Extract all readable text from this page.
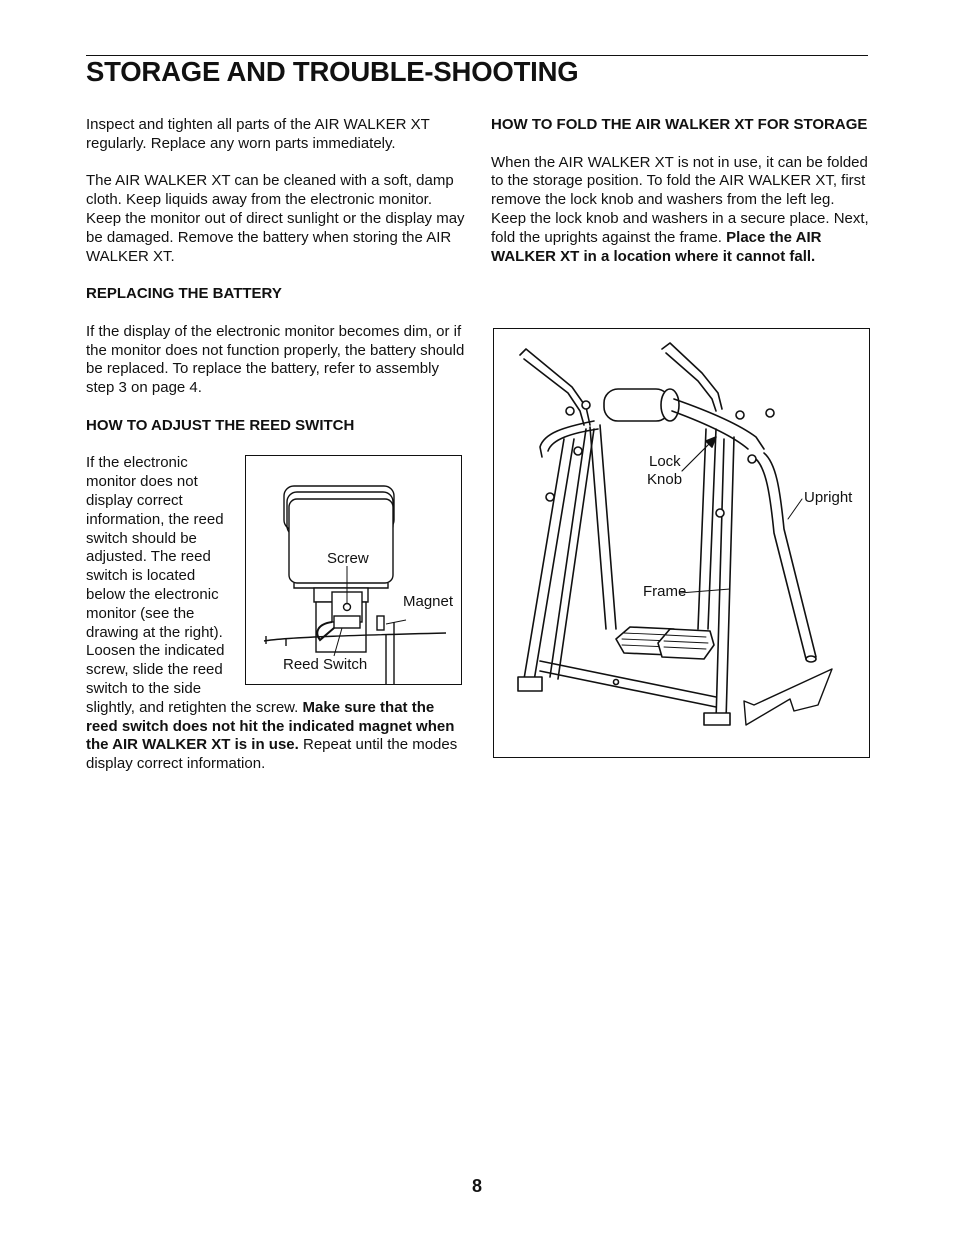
STORAGE AND TROUBLE-SHOOTING

Inspect and tighten all parts of the AIR WALKER XT regularly. Replace any worn parts immediately.

The AIR WALKER XT can be cleaned with a soft, damp cloth. Keep liquids away from the electronic monitor. Keep the monitor out of direct sunlight or the display may be damaged. Remove the battery when storing the AIR WALKER XT.

REPLACING THE BATTERY

If the display of the electronic monitor becomes dim, or if the monitor does not function properly, the battery should be replaced. To replace the battery, refer to assembly step 3 on page 4.

HOW TO ADJUST THE REED SWITCH

Screw
Magnet
Reed Switch
If the electronic monitor does not display correct information, the reed switch should be adjusted. The reed switch is located below the electronic monitor (see the drawing at the right). Loosen the indicated screw, slide the reed switch to the side slightly, and retighten the screw. Make sure that the reed switch does not hit the indicated magnet when the AIR WALKER XT is in use. Repeat until the modes display correct information.

HOW TO FOLD THE AIR WALKER XT FOR STORAGE

When the AIR WALKER XT is not in use, it can be folded to the storage position. To fold the AIR WALKER XT, first remove the lock knob and washers from the left leg. Keep the lock knob and washers in a secure place. Next, fold the uprights against the frame. Place the AIR WALKER XT in a location where it cannot fall.

Lock
Knob
Upright
Frame
8
